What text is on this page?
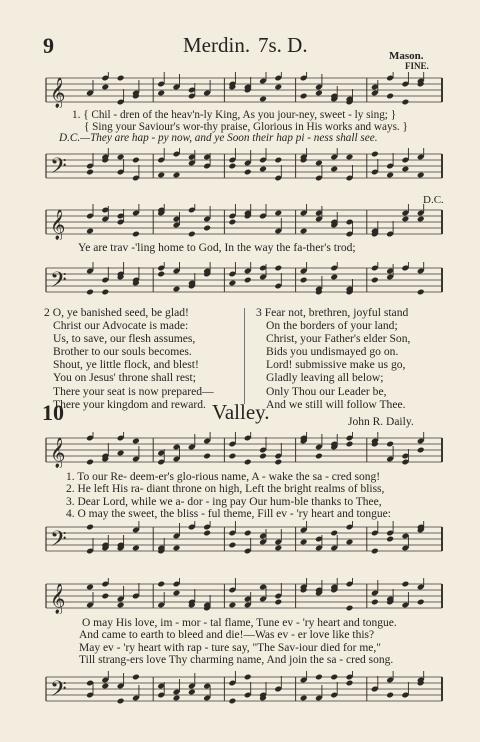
9	Merdin. 7s. D.	Mason.
FINE.
𝄞
1. { Chil - dren of the heav'n-ly King, As you jour-ney, sweet - ly sing; }
{ Sing your Saviour's wor-thy praise, Glorious in His works and ways. }
D.C.—They are hap - py now, and ye Soon their hap pi - ness shall see.
𝄢
D.C.
𝄞
Ye are trav -'ling home to God, In the way the fa-ther's trod;
𝄢
2 O, ye banished seed, be glad!
Christ our Advocate is made:
Us, to save, our flesh assumes,
Brother to our souls becomes.
Shout, ye little flock, and blest!
You on Jesus' throne shall rest;
There your seat is now prepared—
There your kingdom and reward.
3 Fear not, brethren, joyful stand
On the borders of your land;
Christ, your Father's elder Son,
Bids you undismayed go on.
Lord! submissive make us go,
Gladly leaving all below;
Only Thou our Leader be,
And we still will follow Thee.
10	Valley.	John R. Daily.
𝄞
1. To our Re- deem-er's glo-rious name, A - wake the sa - cred song!
2. He left His ra- diant throne on high, Left the bright realms of bliss,
3. Dear Lord, while we a- dor - ing pay Our hum-ble thanks to Thee,
4. O may the sweet, the bliss - ful theme, Fill ev - 'ry heart and tongue:
𝄢
𝄞
O may His love, im - mor - tal flame, Tune ev - 'ry heart and tongue.
And came to earth to bleed and die!—Was ev - er love like this?
May ev - 'ry heart with rap - ture say, "The Sav-iour died for me,"
Till strang-ers love Thy charming name, And join the sa - cred song.
𝄢
